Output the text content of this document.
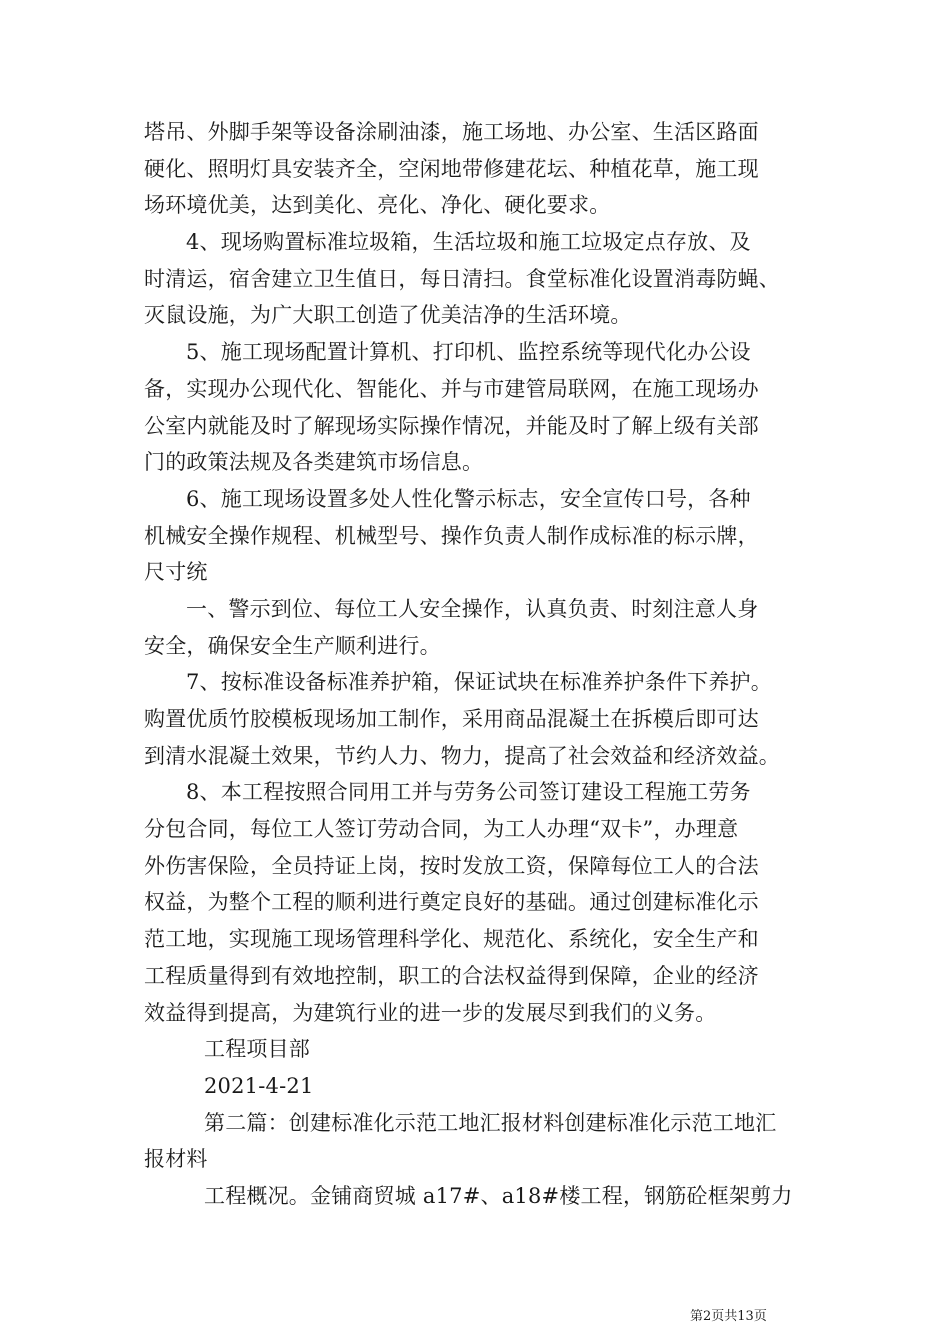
塔吊、外脚手架等设备涂刷油漆，施工场地、办公室、生活区路面
硬化、照明灯具安装齐全，空闲地带修建花坛、种植花草，施工现
场环境优美，达到美化、亮化、净化、硬化要求。
4、现场购置标准垃圾箱，生活垃圾和施工垃圾定点存放、及
时清运，宿舍建立卫生值日，每日清扫。食堂标准化设置消毒防蝇、
灭鼠设施，为广大职工创造了优美洁净的生活环境。
5、施工现场配置计算机、打印机、监控系统等现代化办公设
备，实现办公现代化、智能化、并与市建管局联网，在施工现场办
公室内就能及时了解现场实际操作情况，并能及时了解上级有关部
门的政策法规及各类建筑市场信息。
6、施工现场设置多处人性化警示标志，安全宣传口号，各种
机械安全操作规程、机械型号、操作负责人制作成标准的标示牌，
尺寸统
一、警示到位、每位工人安全操作，认真负责、时刻注意人身
安全，确保安全生产顺利进行。
7、按标准设备标准养护箱，保证试块在标准养护条件下养护。
购置优质竹胶模板现场加工制作，采用商品混凝土在拆模后即可达
到清水混凝土效果，节约人力、物力，提高了社会效益和经济效益。
8、本工程按照合同用工并与劳务公司签订建设工程施工劳务
分包合同，每位工人签订劳动合同，为工人办理“双卡”，办理意
外伤害保险，全员持证上岗，按时发放工资，保障每位工人的合法
权益，为整个工程的顺利进行奠定良好的基础。通过创建标准化示
范工地，实现施工现场管理科学化、规范化、系统化，安全生产和
工程质量得到有效地控制，职工的合法权益得到保障，企业的经济
效益得到提高，为建筑行业的进一步的发展尽到我们的义务。
工程项目部
2021-4-21
第二篇：创建标准化示范工地汇报材料创建标准化示范工地汇
报材料
工程概况。金铺商贸城 a17#、a18#楼工程，钢筋砼框架剪力
第2页共13页
